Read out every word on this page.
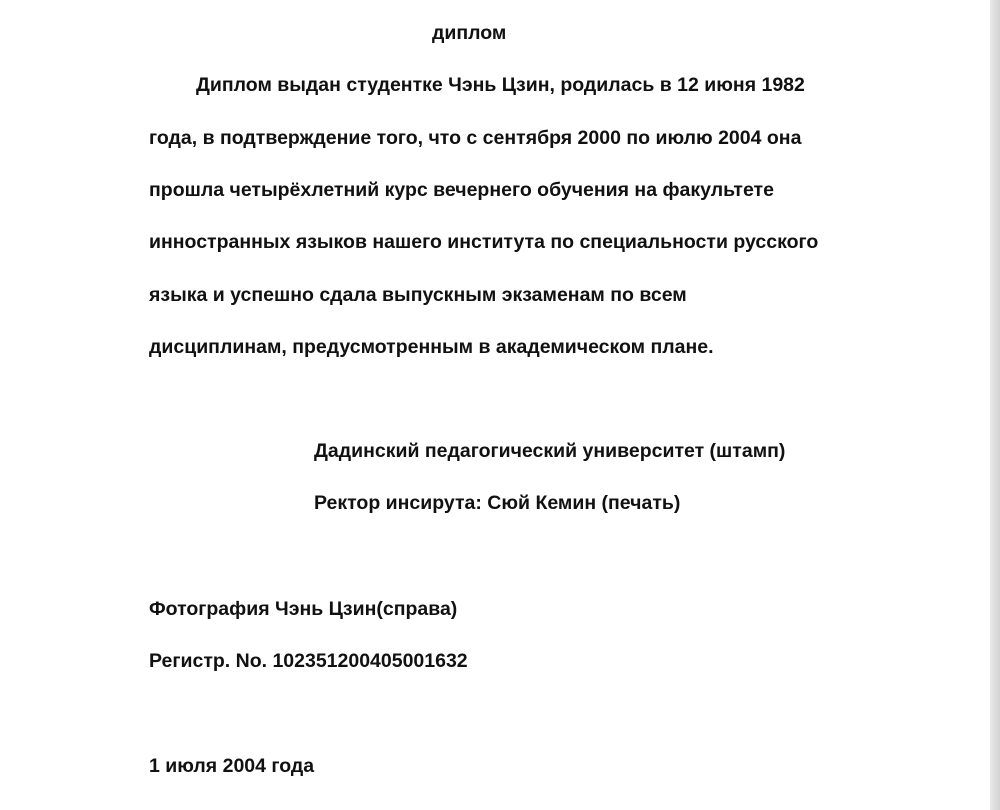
диплом
Диплом выдан студентке Чэнь Цзин, родилась в 12 июня 1982
года, в подтверждение того, что с сентября 2000 по июлю 2004 она
прошла четырёхлетний курс вечернего обучения на факультете
инностранных языков нашего института по специальности русского
языка и успешно сдала выпускным экзаменам по всем
дисциплинам, предусмотренным в академическом плане.
Дадинский педагогический университет (штамп)
Ректор инсирута: Сюй Кемин (печать)
Фотография Чэнь Цзин(справа)
Регистр. No. 10235120040500163​2
1 июля 2004 года
